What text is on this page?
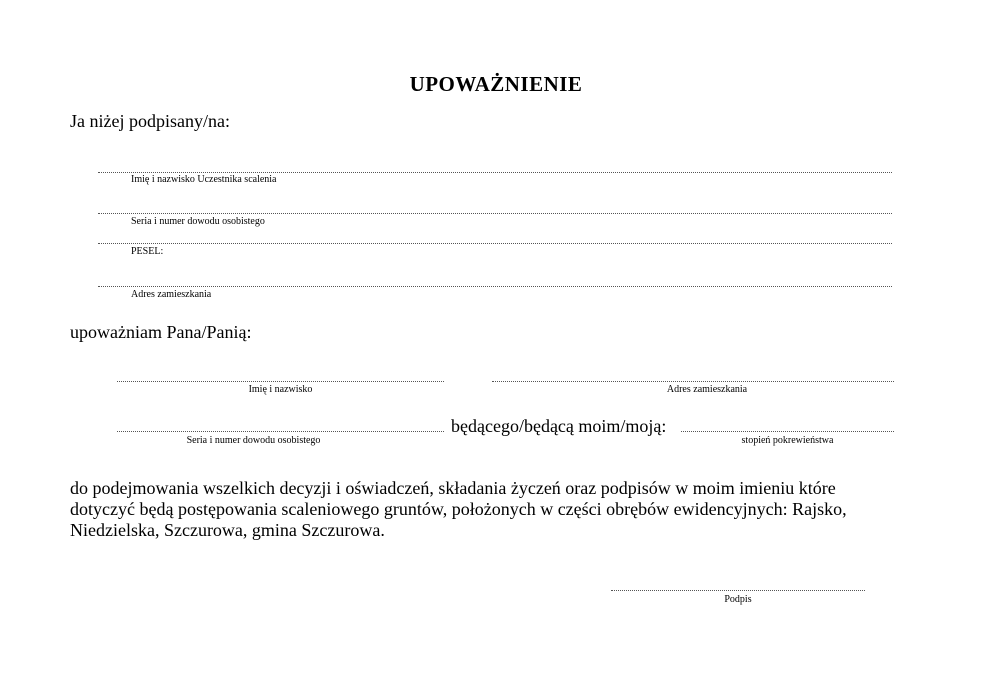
UPOWAŻNIENIE
Ja niżej podpisany/na:
Imię i nazwisko Uczestnika scalenia
Seria i numer dowodu osobistego
PESEL:
Adres zamieszkania
upoważniam Pana/Panią:
Imię i nazwisko	Adres zamieszkania
Seria i numer dowodu osobistego
będącego/będącą moim/moją:
stopień pokrewieństwa
do podejmowania wszelkich decyzji i oświadczeń, składania życzeń oraz podpisów w moim imieniu które dotyczyć będą postępowania scaleniowego gruntów, położonych w części obrębów ewidencyjnych: Rajsko, Niedzielska, Szczurowa, gmina Szczurowa.
Podpis
